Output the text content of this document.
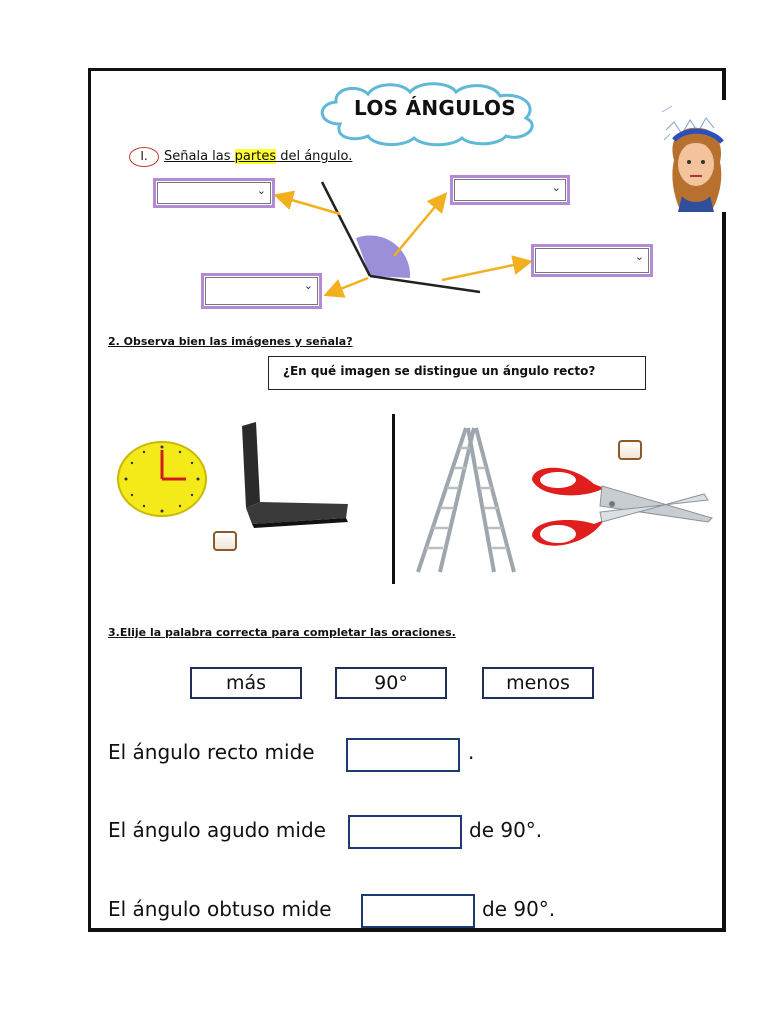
LOS ÁNGULOS
I.	Señala las partes del ángulo.
⌄	⌄
⌄
⌄
2. Observa bien las imágenes y señala?
¿En qué imagen se distingue un ángulo recto?
3.Elije la palabra correcta para completar las oraciones.
más	90°	menos
El ángulo recto mide	.
El ángulo agudo mide	de 90°.
El ángulo obtuso mide	de 90°.
